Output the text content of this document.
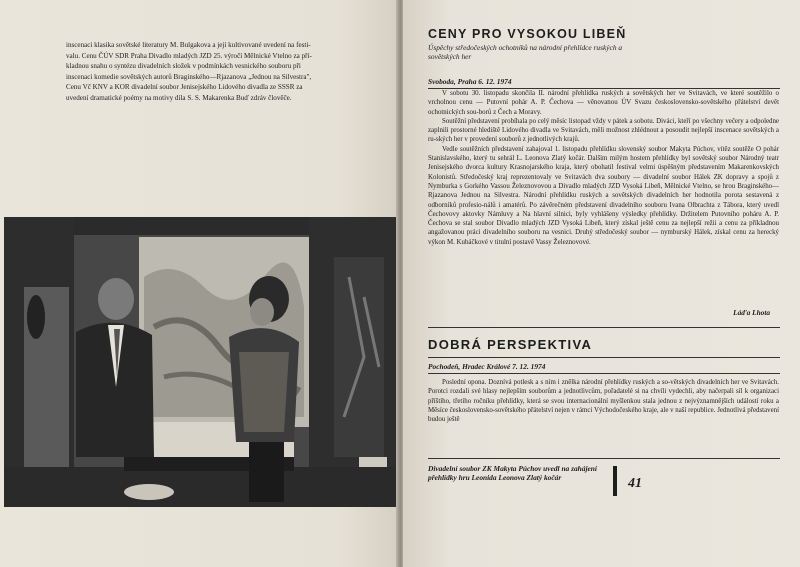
inscenaci klasika sovětské literatury M. Bulgakova a její kultivované uvedení na festi-

valu. Cenu ČÚV SDR Praha Divadlo mladých JZD 25. výročí Mělnické Vtelno za pří-

kladnou snahu o syntézu divadelních složek v podmínkách vesnického souboru při

inscenaci komedie sovětských autorů Braginského—Rjazanova „Jednou na Silvestra",

Cenu Vč KNV a KOR divadelní soubor Jenisejského Lidového divadla ze SSSR za

uvedení dramatické poémy na motivy díla S. S. Makarenka Buď zdráv člověče.

CENY PRO VYSOKOU LIBEŇ
Úspěchy středočeských ochotníků na národní přehlídce ruských a sovětských her
Svoboda, Praha 6. 12. 1974

V sobotu 30. listopadu skončila II. národní přehlídka ruských a sovětských her ve Svitavách, ve které soutěžilo o vrcholnou cenu — Putovní pohár A. P. Čechova — věnovanou ÚV Svazu československo-sovětského přátelství devět ochotnických sou-borů z Čech a Moravy.

Soutěžní představení probíhala po celý měsíc listopad vždy v pátek a sobotu. Diváci, kteří po všechny večery a odpoledne zaplnili prostorné hlediště Lidového divadla ve Svitavách, měli možnost zhlédnout a posoudit nejlepší inscenace sovětských a ru-ských her v provedení souborů z jednotlivých krajů.

Vedle soutěžních představení zahajoval 1. listopadu přehlídku slovenský soubor Makyta Púchov, vítěz soutěže O pohár Stanislavského, který tu sehrál L. Leonova Zlatý kočár. Dalším milým hostem přehlídky byl sovětský soubor Národný teatr Jenisejského dvorca kultury Krasnojarského kraja, který obohatil festival velmi úspěšným představením Makarenkovských Kolonistů. Středočeský kraj reprezentovaly ve Svitavách dva soubory — divadelní soubor Hálek ZK dopravy a spojů z Nymburka s Gorkého Vassou Železnovovou a Divadlo mladých JZD Vysoká Libeň, Mělnické Vtelno, se hrou Braginského—Rjazanova Jednou na Silvestra. Národní přehlídku ruských a sovětských divadelních her hodnotila porota sestavená z odborníků profesio-nálů i amatérů. Po závěrečném představení divadelního souboru Ivana Olbrachta z Tábora, který uvedl Čechovovy aktovky Námluvy a Na hlavní silnici, byly vyhlášeny výsledky přehlídky. Držitelem Putovního poháru A. P. Čechova se stal soubor Divadlo mladých JZD Vysoká Libeň, který získal ještě cenu za nejlepší režii a cenu za příkladnou angažovanou práci divadelního souboru na vesnici. Druhý středočeský soubor — nymburský Hálek, získal cenu za herecký výkon M. Kubáčkové v titulní postavě Vassy Železnovové.

Láďa Lhota
DOBRÁ PERSPEKTIVA
Pochodeň, Hradec Králové 7. 12. 1974

Poslední opona. Doznívá potlesk a s ním i znělka národní přehlídky ruských a so-větských divadelních her ve Svitavách. Porotci rozdali své hlasy nejlepším souborům a jednotlivcům, pořadatelé si na chvíli vydechli, aby načerpali síl k organizaci příštího, třetího ročníku přehlídky, která se svou internacionální myšlenkou stala jednou z nejvýznamnějších událostí roku a Měsíce československo-sovětského přátelství nejen v rámci Východočeského kraje, ale v naší republice. Jednotlivá představení budou ještě

Divadelní soubor ZK Makyta Púchov uvedl na zahájení přehlídky hru Leonida Leonova Zlatý kočár	41
